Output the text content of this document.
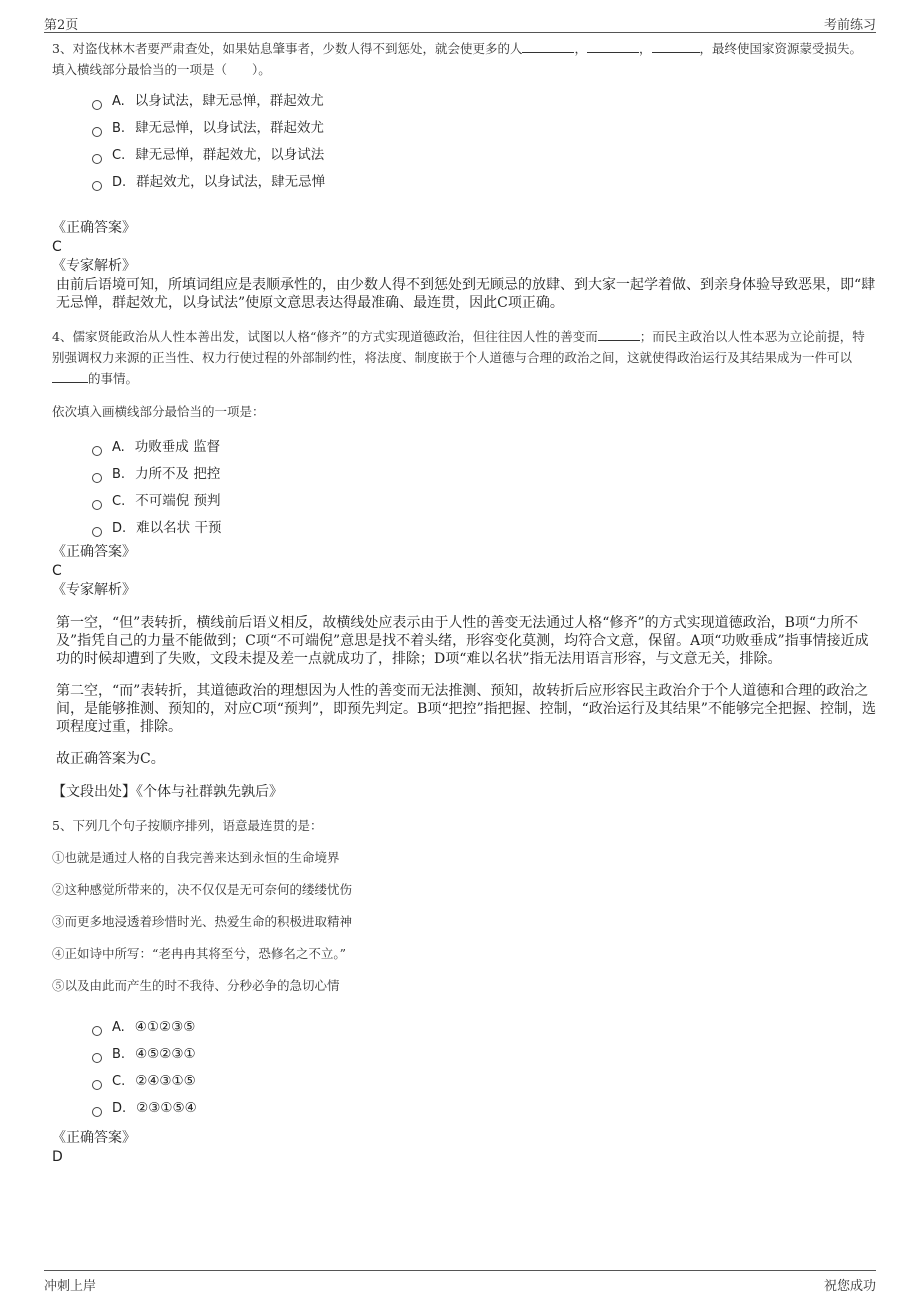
第2页	考前练习

3、对盗伐林木者要严肃查处，如果姑息肇事者，少数人得不到惩处，就会使更多的人	，	，	，最终使国家资源蒙受损失。

填入横线部分最恰当的一项是（　　）。

A. 以身试法，肆无忌惮，群起效尤
B. 肆无忌惮，以身试法，群起效尤
C. 肆无忌惮，群起效尤，以身试法
D. 群起效尤，以身试法，肆无忌惮

《正确答案》

C

《专家解析》

由前后语境可知，所填词组应是表顺承性的，由少数人得不到惩处到无顾忌的放肆、到大家一起学着做、到亲身体验导致恶果，即“肆无忌惮，群起效尤，以身试法”使原文意思表达得最准确、最连贯，因此C项正确。

4、儒家贤能政治从人性本善出发，试图以人格“修齐”的方式实现道德政治，但往往因人性的善变而	；而民主政治以人性本恶为立论前提，特别强调权力来源的正当性、权力行使过程的外部制约性，将法度、制度嵌于个人道德与合理的政治之间，这就使得政治运行及其结果成为一件可以的事情。

依次填入画横线部分最恰当的一项是：

A. 功败垂成 监督
B. 力所不及 把控
C. 不可端倪 预判
D. 难以名状 干预

《正确答案》

C

《专家解析》

第一空，“但”表转折，横线前后语义相反，故横线处应表示由于人性的善变无法通过人格“修齐”的方式实现道德政治，B项“力所不及”指凭自己的力量不能做到；C项“不可端倪”意思是找不着头绪，形容变化莫测，均符合文意，保留。A项“功败垂成”指事情接近成功的时候却遭到了失败，文段未提及差一点就成功了，排除；D项“难以名状”指无法用语言形容，与文意无关，排除。

第二空，“而”表转折，其道德政治的理想因为人性的善变而无法推测、预知，故转折后应形容民主政治介于个人道德和合理的政治之间，是能够推测、预知的，对应C项“预判”，即预先判定。B项“把控”指把握、控制，“政治运行及其结果”不能够完全把握、控制，选项程度过重，排除。

故正确答案为C。

【文段出处】《个体与社群孰先孰后》

5、下列几个句子按顺序排列，语意最连贯的是：

①也就是通过人格的自我完善来达到永恒的生命境界

②这种感觉所带来的，决不仅仅是无可奈何的缕缕忧伤

③而更多地浸透着珍惜时光、热爱生命的积极进取精神

④正如诗中所写：“老冉冉其将至兮，恐修名之不立。”

⑤以及由此而产生的时不我待、分秒必争的急切心情

A. ④①②③⑤
B. ④⑤②③①
C. ②④③①⑤
D. ②③①⑤④

《正确答案》

D

冲刺上岸	祝您成功
